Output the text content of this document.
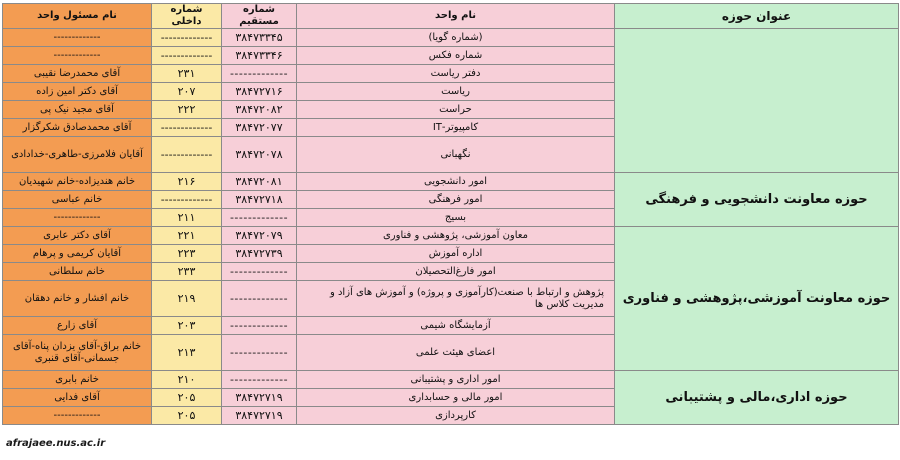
عنوان حوزه	نام واحد	شماره مستقیم	شماره داخلی	نام مسئول واحد
	(شماره گویا)	۳۸۴۷۳۳۴۵	-------------	-------------
	شماره فکس	۳۸۴۷۳۳۴۶	-------------	-------------
	دفتر ریاست	-------------	۲۳۱	آقای محمدرضا نقیبی
	ریاست	۳۸۴۷۲۷۱۶	۲۰۷	آقای دکتر امین زاده
	حراست	۳۸۴۷۲۰۸۲	۲۲۲	آقای مجید نیک پی
	کامپیوتر-IT	۳۸۴۷۲۰۷۷	-------------	آقای محمدصادق شکرگزار
	نگهبانی	۳۸۴۷۲۰۷۸	-------------	آقایان فلامرزی-طاهری-خدادادی
حوزه معاونت دانشجویی و فرهنگی	امور دانشجویی	۳۸۴۷۲۰۸۱	۲۱۶	خانم هندیزاده-خانم شهیدیان
	امور فرهنگی	۳۸۴۷۲۷۱۸	-------------	خانم عباسی
	بسیج	-------------	۲۱۱	-------------
حوزه معاونت آموزشی،پژوهشی و فناوری	معاون آموزشی، پژوهشی و فناوری	۳۸۴۷۲۰۷۹	۲۲۱	آقای دکتر عابری
	اداره آموزش	۳۸۴۷۲۷۳۹	۲۲۳	آقایان کریمی و پرهام
	امور فارغ‌التحصیلان	-------------	۲۳۳	خانم سلطانی
	پژوهش و ارتباط با صنعت(کارآموزی و پروژه) و آموزش های آزاد و مدیریت کلاس ها	-------------	۲۱۹	خانم افشار و خانم دهقان
	آزمایشگاه شیمی	-------------	۲۰۳	آقای زارع
	اعضای هیئت علمی	-------------	۲۱۳	خانم براق-آقای یزدان پناه-آقای جسمانی-آقای قنبری
حوزه اداری،مالی و پشتیبانی	امور اداری و پشتیبانی	-------------	۲۱۰	خانم بابری
	امور مالی و حسابداری	۳۸۴۷۲۷۱۹	۲۰۵	آقای فدایی
	کارپردازی	۳۸۴۷۲۷۱۹	۲۰۵	-------------
afrajaee.nus.ac.ir
